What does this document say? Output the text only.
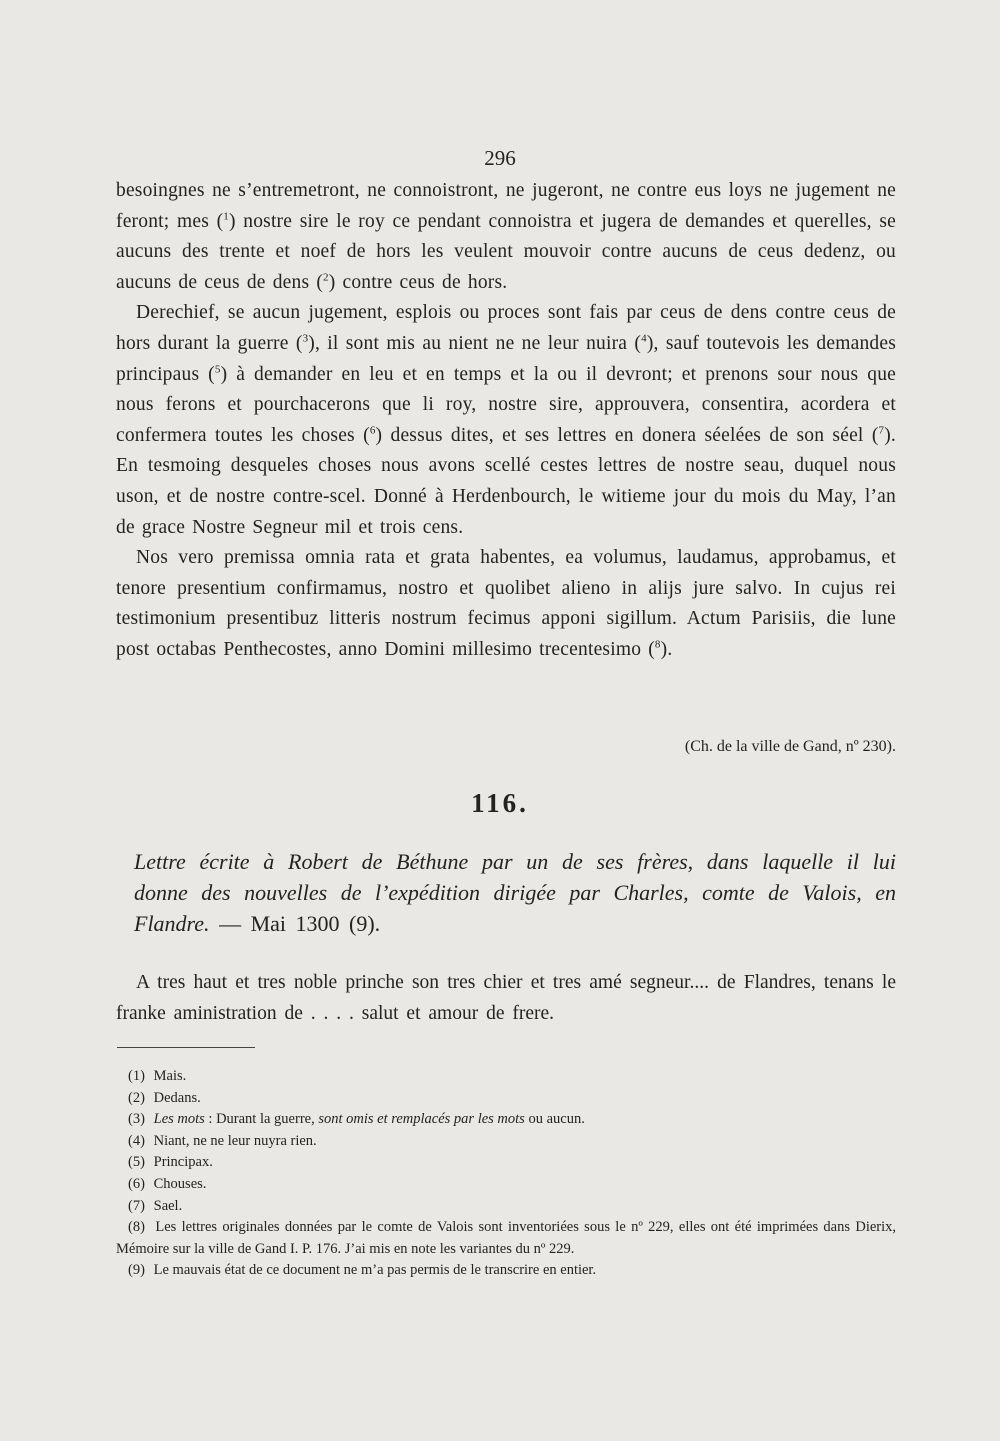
296

besoingnes ne s’entremetront, ne connoistront, ne jugeront, ne contre eus loys ne jugement ne feront; mes ($^1$) nostre sire le roy ce pendant connoistra et jugera de demandes et querelles, se aucuns des trente et noef de hors les veulent mouvoir contre aucuns de ceus dedenz, ou aucuns de ceus de dens ($^2$) contre ceus de hors.

Derechief, se aucun jugement, esplois ou proces sont fais par ceus de dens contre ceus de hors durant la guerre ($^3$), il sont mis au nient ne ne leur nuira ($^4$), sauf toutevois les demandes principaus ($^5$) à demander en leu et en temps et la ou il devront; et prenons sour nous que nous ferons et pourchacerons que li roy, nostre sire, approuvera, consentira, acordera et confermera toutes les choses ($^6$) dessus dites, et ses lettres en donera séelées de son séel ($^7$). En tesmoing desqueles choses nous avons scellé cestes lettres de nostre seau, duquel nous uson, et de nostre contre-scel. Donné à Herdenbourch, le witieme jour du mois du May, l’an de grace Nostre Segneur mil et trois cens.

Nos vero premissa omnia rata et grata habentes, ea volumus, laudamus, approbamus, et tenore presentium confirmamus, nostro et quolibet alieno in alijs jure salvo. In cujus rei testimonium presentibuz litteris nostrum fecimus apponi sigillum. Actum Parisiis, die lune post octabas Penthecostes, anno Domini millesimo trecentesimo ($^8$).

(Ch. de la ville de Gand, nº 230).
116.
Lettre écrite à Robert de Béthune par un de ses frères, dans laquelle il lui donne des nouvelles de l’expédition dirigée par Charles, comte de Valois, en Flandre. — Mai 1300 (9).

A tres haut et tres noble princhе son tres chier et tres amé segneur.... de Flandres, tenans le franke aministration de . . . . salut et amour de frere.

(1) Mais.

(2) Dedans.

(3) Les mots : Durant la guerre, sont omis et remplacés par les mots ou aucun.

(4) Niant, ne ne leur nuyra rien.

(5) Principax.

(6) Chouses.

(7) Sael.

(8) Les lettres originales données par le comte de Valois sont inventoriées sous le nº 229, elles ont été imprimées dans Dierix, Mémoire sur la ville de Gand I. P. 176. J’ai mis en note les variantes du nº 229.

(9) Le mauvais état de ce document ne m’a pas permis de le transcrire en entier.
